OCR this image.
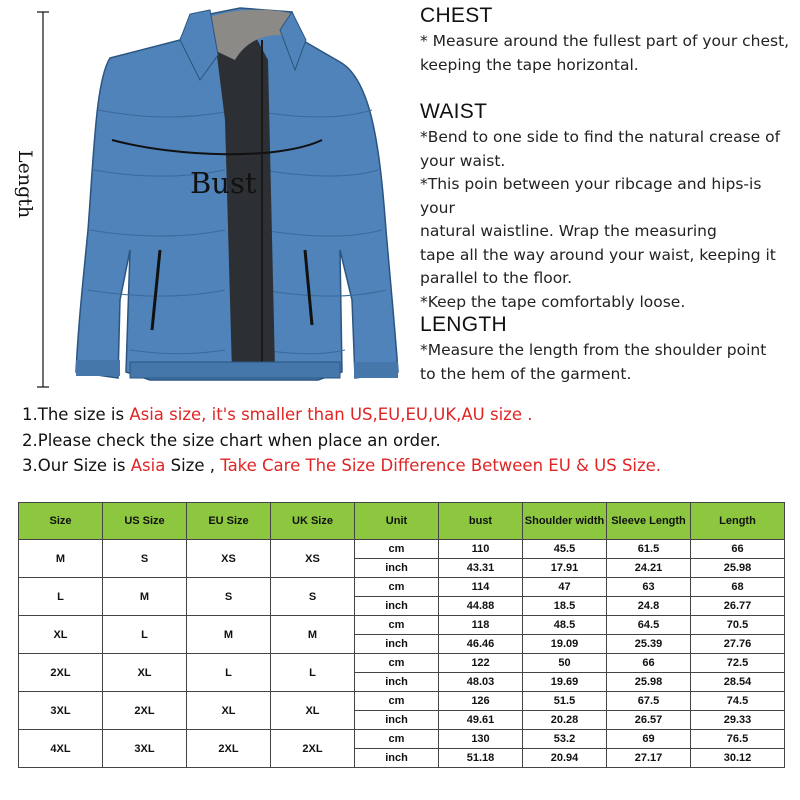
Length	Bust
CHEST

* Measure around the fullest part of your chest,
keeping the tape horizontal.

WAIST

*Bend to one side to find the natural crease of
your waist.
*This poin between your ribcage and hips-is your
natural waistline. Wrap the measuring
tape all the way around your waist, keeping it
parallel to the floor.
*Keep the tape comfortably loose.

LENGTH

*Measure the length from the shoulder point
to the hem of the garment.

1.The size is Asia size, it's smaller than US,EU,EU,UK,AU size .
2.Please check the size chart when place an order.
3.Our Size is Asia Size , Take Care The Size Difference Between EU & US Size.
Size	US Size	EU Size	UK Size	Unit	bust	Shoulder width	Sleeve Length	Length
M	S	XS	XS	cm	110	45.5	61.5	66
				inch	43.31	17.91	24.21	25.98
L	M	S	S	cm	114	47	63	68
				inch	44.88	18.5	24.8	26.77
XL	L	M	M	cm	118	48.5	64.5	70.5
				inch	46.46	19.09	25.39	27.76
2XL	XL	L	L	cm	122	50	66	72.5
				inch	48.03	19.69	25.98	28.54
3XL	2XL	XL	XL	cm	126	51.5	67.5	74.5
				inch	49.61	20.28	26.57	29.33
4XL	3XL	2XL	2XL	cm	130	53.2	69	76.5
				inch	51.18	20.94	27.17	30.12
